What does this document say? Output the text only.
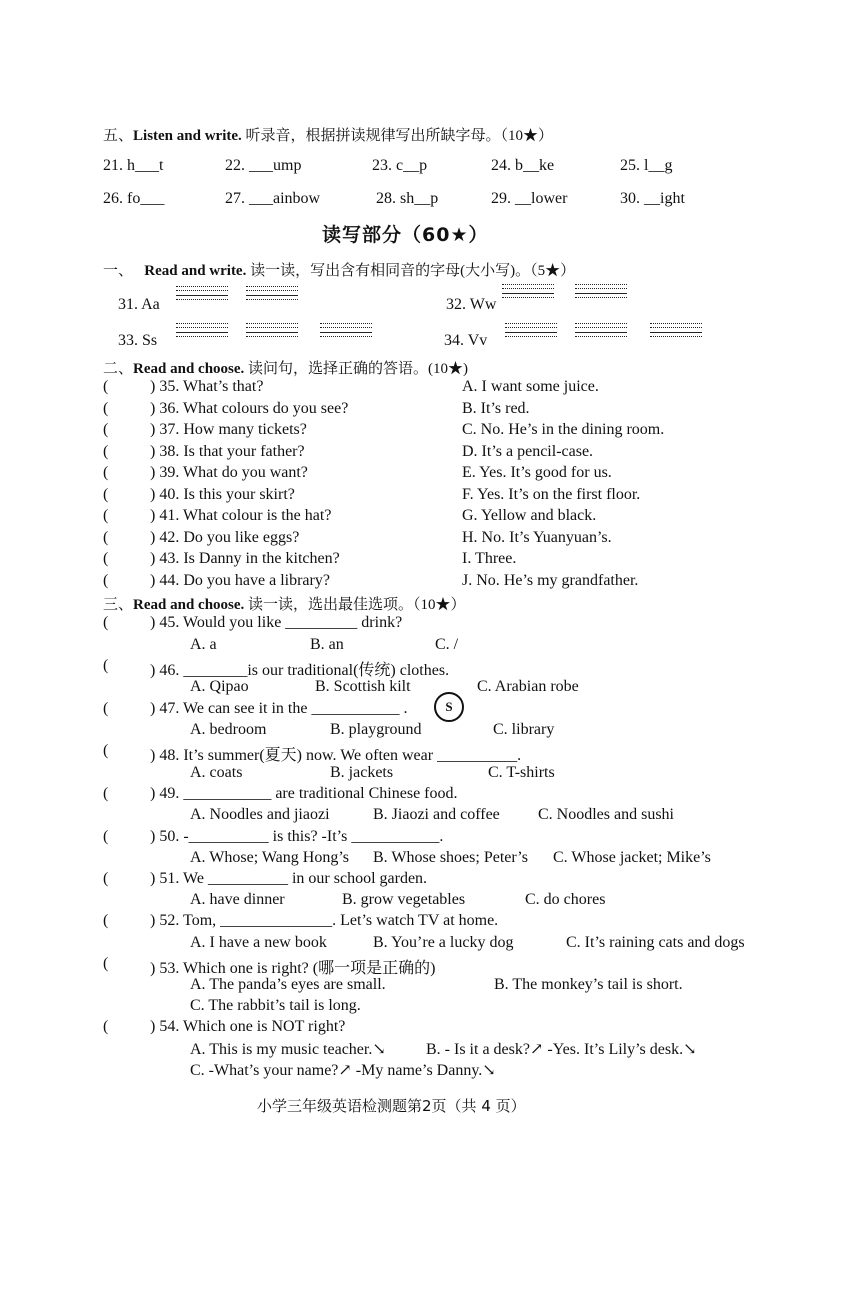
五、Listen and write. 听录音，根据拼读规律写出所缺字母。（10★）
21. h___t	22. ___ump	23. c__p	24. b__ke	25. l__g
26. fo___	27. ___ainbow	28. sh__p	29. __lower	30. __ight
读写部分（60★）
一、 Read and write. 读一读，写出含有相同音的字母(大小写)。（5★）
31. Aa	32. Ww
33. Ss	34. Vv
二、Read and choose. 读问句，选择正确的答语。(10★)
(	) 35. What’s that?	A. I want some juice.
(	) 36. What colours do you see?	B. It’s red.
(	) 37. How many tickets?	C. No. He’s in the dining room.
(	) 38. Is that your father?	D. It’s a pencil-case.
(	) 39. What do you want?	E. Yes. It’s good for us.
(	) 40. Is this your skirt?	F. Yes. It’s on the first floor.
(	) 41. What colour is the hat?	G. Yellow and black.
(	) 42. Do you like eggs?	H. No. It’s Yuanyuan’s.
(	) 43. Is Danny in the kitchen?	I. Three.
(	) 44. Do you have a library?	J. No. He’s my grandfather.
三、Read and choose. 读一读，选出最佳选项。（10★）
(	) 45. Would you like _________ drink?
A. a	B. an	C. /
(	) 46. ________is our traditional(传统) clothes.
A. Qipao	B. Scottish kilt	C. Arabian robe
(	) 47. We can see it in the ___________ .	S
A. bedroom	B. playground	C. library
(	) 48. It’s summer(夏天) now. We often wear __________.
A. coats	B. jackets	C. T-shirts
(	) 49. ___________ are traditional Chinese food.
A. Noodles and jiaozi	B. Jiaozi and coffee C. Noodles and sushi
(	) 50. -__________ is this? -It’s ___________.
A. Whose; Wang Hong’s B. Whose shoes; Peter’s C. Whose jacket; Mike’s
(	) 51. We __________ in our school garden.
A. have dinner	B. grow vegetables	C. do chores
(	) 52. Tom, ______________. Let’s watch TV at home.
A. I have a new book	B. You’re a lucky dog	C. It’s raining cats and dogs
(	) 53. Which one is right? (哪一项是正确的)
A. The panda’s eyes are small.	B. The monkey’s tail is short.
C. The rabbit’s tail is long.
(	) 54. Which one is NOT right?
A. This is my music teacher.↘	B. - Is it a desk?↗ -Yes. It’s Lily’s desk.↘
C. -What’s your name?↗ -My name’s Danny.↘
小学三年级英语检测题第2页（共 4 页）
